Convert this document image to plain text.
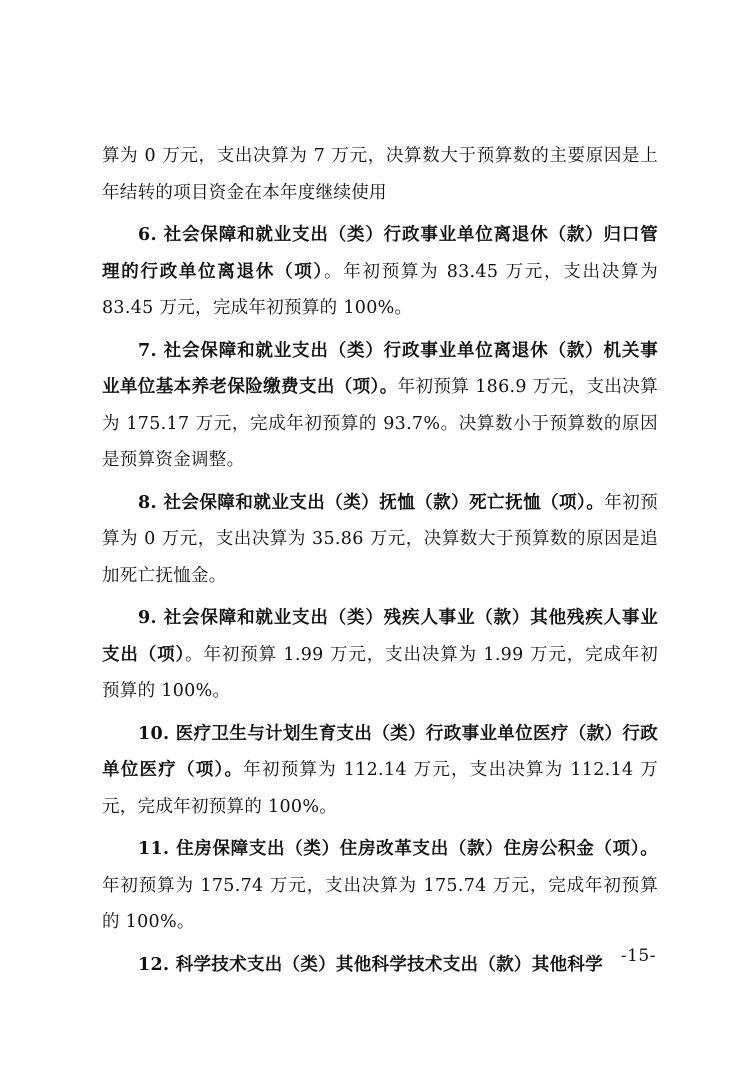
算为 0 万元，支出决算为 7 万元，决算数大于预算数的主要原因是上年结转的项目资金在本年度继续使用

6. 社会保障和就业支出（类）行政事业单位离退休（款）归口管理的行政单位离退休（项）。年初预算为 83.45 万元，支出决算为 83.45 万元，完成年初预算的 100%。

7. 社会保障和就业支出（类）行政事业单位离退休（款）机关事业单位基本养老保险缴费支出（项）。年初预算 186.9 万元，支出决算为 175.17 万元，完成年初预算的 93.7%。决算数小于预算数的原因是预算资金调整。

8. 社会保障和就业支出（类）抚恤（款）死亡抚恤（项）。年初预算为 0 万元，支出决算为 35.86 万元，决算数大于预算数的原因是追加死亡抚恤金。

9. 社会保障和就业支出（类）残疾人事业（款）其他残疾人事业支出（项）。年初预算 1.99 万元，支出决算为 1.99 万元，完成年初预算的 100%。

10. 医疗卫生与计划生育支出（类）行政事业单位医疗（款）行政单位医疗（项）。年初预算为 112.14 万元，支出决算为 112.14 万元，完成年初预算的 100%。

11. 住房保障支出（类）住房改革支出（款）住房公积金（项）。年初预算为 175.74 万元，支出决算为 175.74 万元，完成年初预算的 100%。

12. 科学技术支出（类）其他科学技术支出（款）其他科学	-15-
